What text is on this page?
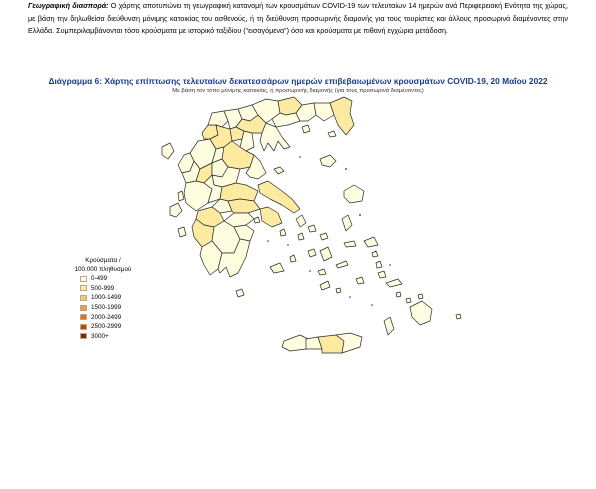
Γεωγραφική διασπορά: Ο χάρτης αποτυπώνει τη γεωγραφική κατανομή των κρουσμάτων COVID-19 των τελευταίων 14 ημερών ανά Περιφερειακή Ενότητα της χώρας, με βάση την δηλωθείσα διεύθυνση μόνιμης κατοικίας του ασθενούς, ή τη διεύθυνση προσωρινής διαμονής για τους τουρίστες και άλλους προσωρινά διαμένοντες στην Ελλάδα. Συμπεριλαμβάνονται τόσο κρούσματα με ιστορικό ταξιδίου (“εισαγόμενα”) όσο και κρούσματα με πιθανή εγχώρια μετάδοση.
Διάγραμμα 6: Χάρτης επίπτωσης τελευταίων δεκατεσσάρων ημερών επιβεβαιωμένων κρουσμάτων COVID-19, 20 Μαΐου 2022
Με βάση τον τόπο μόνιμης κατοικίας, ή προσωρινής διαμονής (για τους προσωρινά διαμένοντες)
Κρούσματα /
100.000 πληθυσμού
0-499
500-999
1000-1499
1500-1999
2000-2499
2500-2999
3000+
